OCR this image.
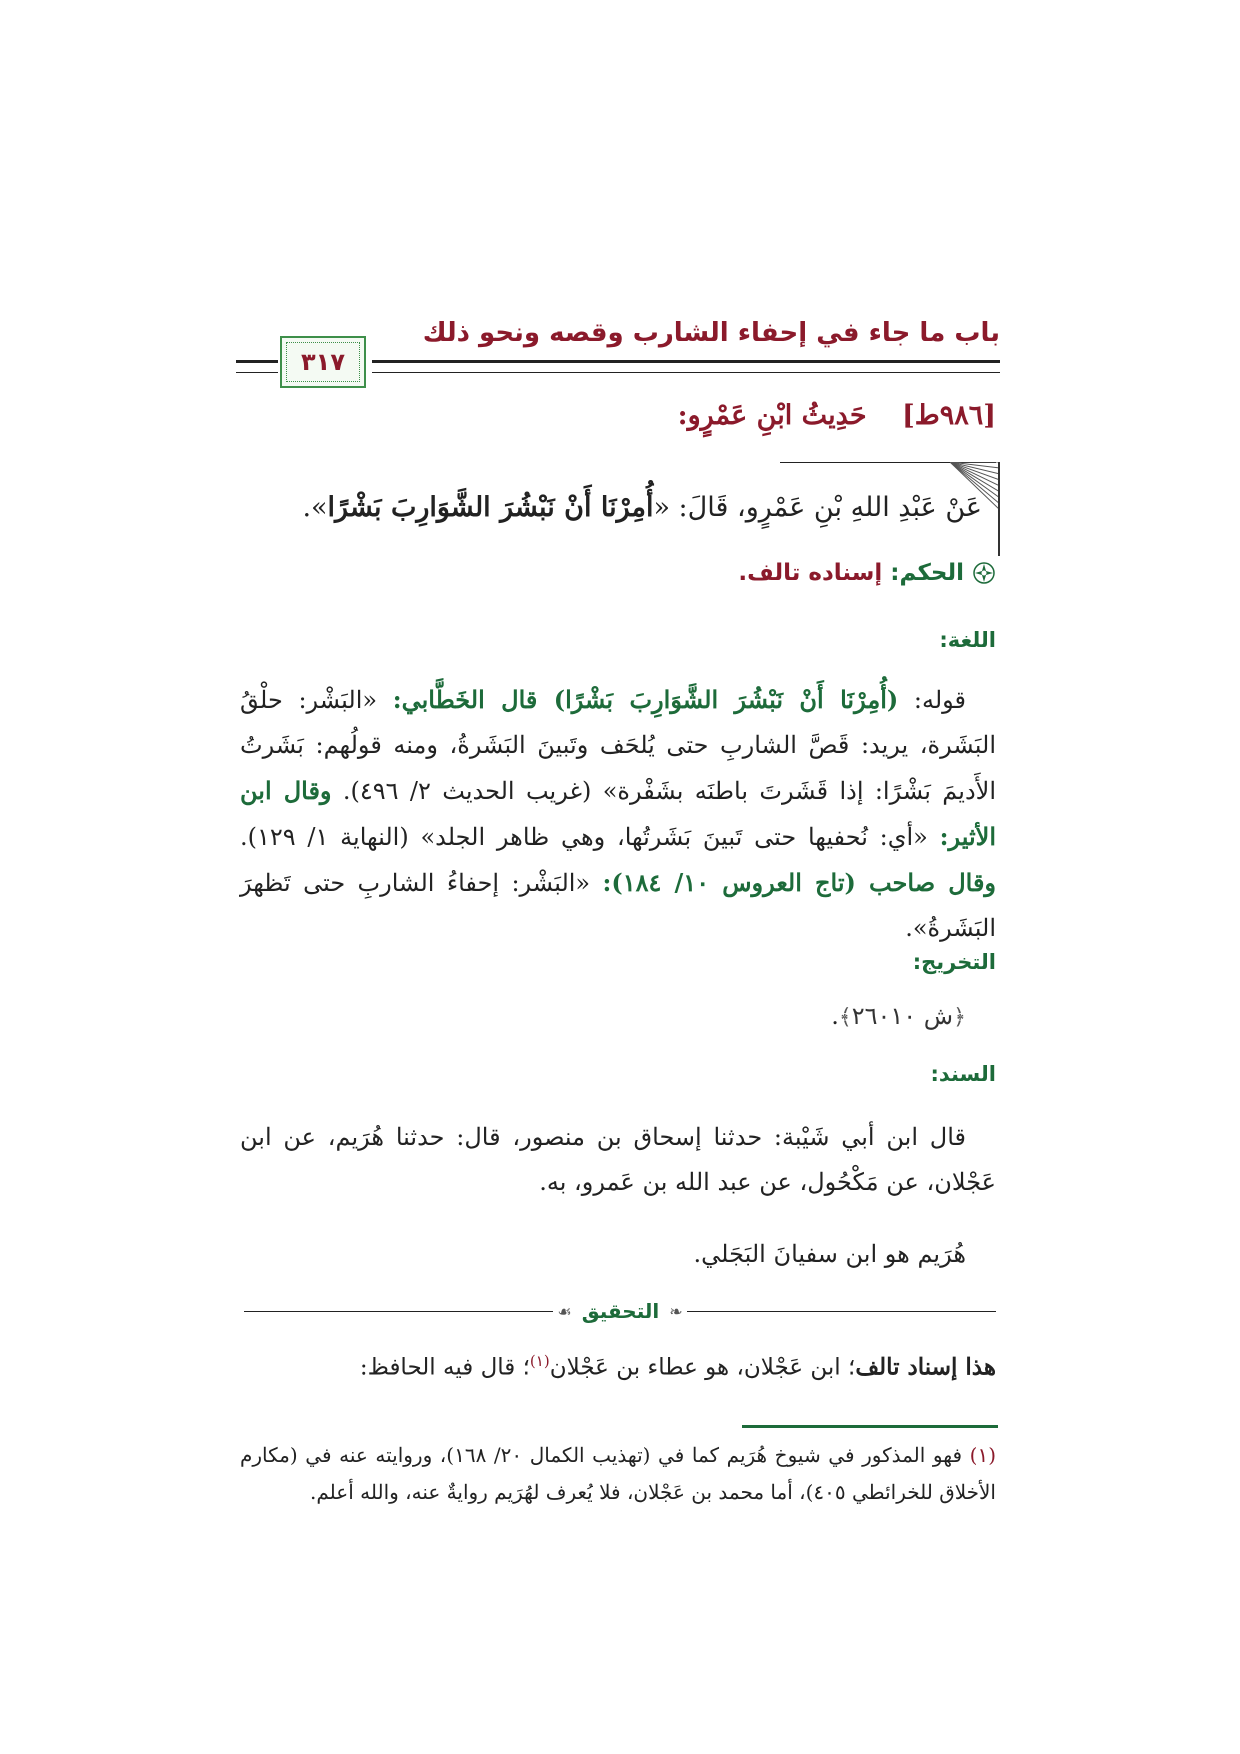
باب ما جاء في إحفاء الشارب وقصه ونحو ذلك
٣١٧
[٩٨٦ط] حَدِيثُ ابْنِ عَمْرٍو:
عَنْ عَبْدِ اللهِ بْنِ عَمْرٍو، قَالَ: «أُمِرْنَا أَنْ نَبْشُرَ الشَّوَارِبَ بَشْرًا».
الحكم:
إسناده تالف.
اللغة:

قوله: (أُمِرْنَا أَنْ نَبْشُرَ الشَّوَارِبَ بَشْرًا) قال الخَطَّابي: «البَشْر: حلْقُ البَشَرة، يريد: قَصَّ الشاربِ حتى يُلحَف وتَبينَ البَشَرةُ، ومنه قولُهم: بَشَرتُ الأَديمَ بَشْرًا: إذا قَشَرتَ باطنَه بشَفْرة» (غريب الحديث ٢/ ٤٩٦). وقال ابن الأثير: «أي: نُحفيها حتى تَبينَ بَشَرتُها، وهي ظاهر الجلد» (النهاية ١/ ١٢٩). وقال صاحب (تاج العروس ١٠/ ١٨٤): «البَشْر: إحفاءُ الشاربِ حتى تَظهرَ البَشَرةُ».

التخريج:
﴿ش ٢٦٠١٠﴾.
السند:

قال ابن أبي شَيْبة: حدثنا إسحاق بن منصور، قال: حدثنا هُرَيم، عن ابن عَجْلان، عن مَكْحُول، عن عبد الله بن عَمرو، به.

هُرَيم هو ابن سفيانَ البَجَلي.
❧
التحقيق
☙
هذا إسناد تالف؛ ابن عَجْلان، هو عطاء بن عَجْلان$^{(١)}$؛ قال فيه الحافظ:

(١) فهو المذكور في شيوخ هُرَيم كما في (تهذيب الكمال ٢٠/ ١٦٨)، وروايته عنه في (مكارم الأخلاق للخرائطي ٤٠٥)، أما محمد بن عَجْلان، فلا يُعرف لهُرَيم روايةٌ عنه، والله أعلم.
